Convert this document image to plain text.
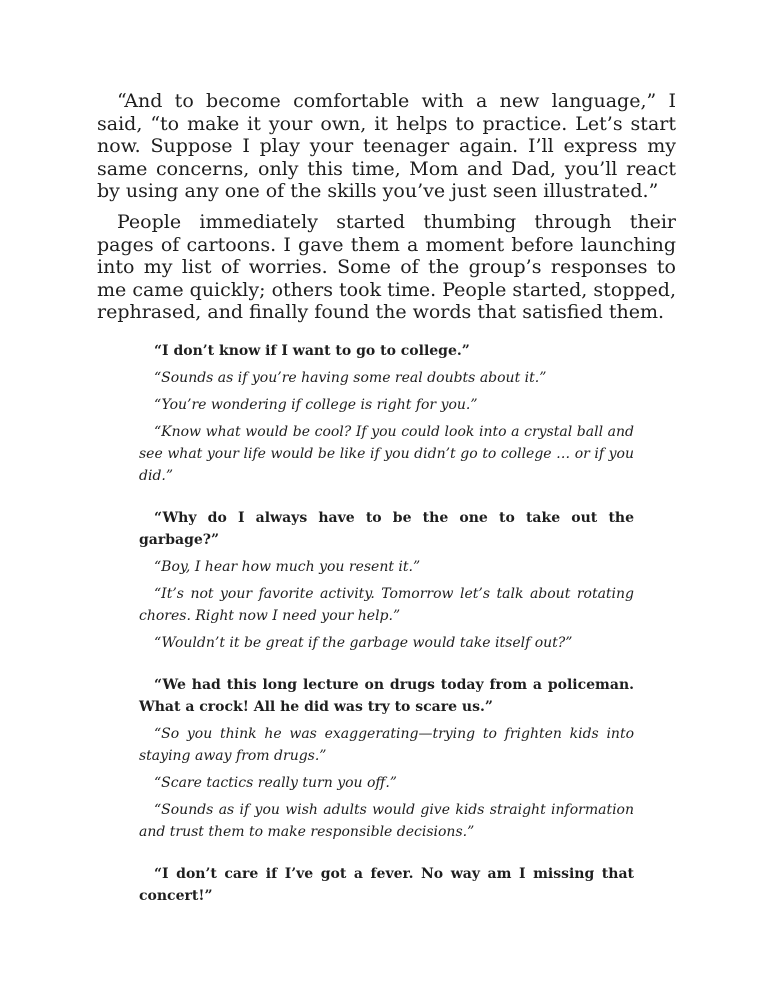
“And to become comfortable with a new language,” I said, “to make it your own, it helps to practice. Let’s start now. Suppose I play your teenager again. I’ll express my same concerns, only this time, Mom and Dad, you’ll react by using any one of the skills you’ve just seen illustrated.”

People immediately started thumbing through their pages of cartoons. I gave them a moment before launching into my list of worries. Some of the group’s responses to me came quickly; others took time. People started, stopped, rephrased, and finally found the words that satisfied them.

“I don’t know if I want to go to college.”

“Sounds as if you’re having some real doubts about it.”

“You’re wondering if college is right for you.”

“Know what would be cool? If you could look into a crystal ball and see what your life would be like if you didn’t go to college … or if you did.”

“Why do I always have to be the one to take out the garbage?”

“Boy, I hear how much you resent it.”

“It’s not your favorite activity. Tomorrow let’s talk about rotating chores. Right now I need your help.”

“Wouldn’t it be great if the garbage would take itself out?”

“We had this long lecture on drugs today from a policeman. What a crock! All he did was try to scare us.”

“So you think he was exaggerating—trying to frighten kids into staying away from drugs.”

“Scare tactics really turn you off.”

“Sounds as if you wish adults would give kids straight information and trust them to make responsible decisions.”

“I don’t care if I’ve got a fever. No way am I missing that concert!”
